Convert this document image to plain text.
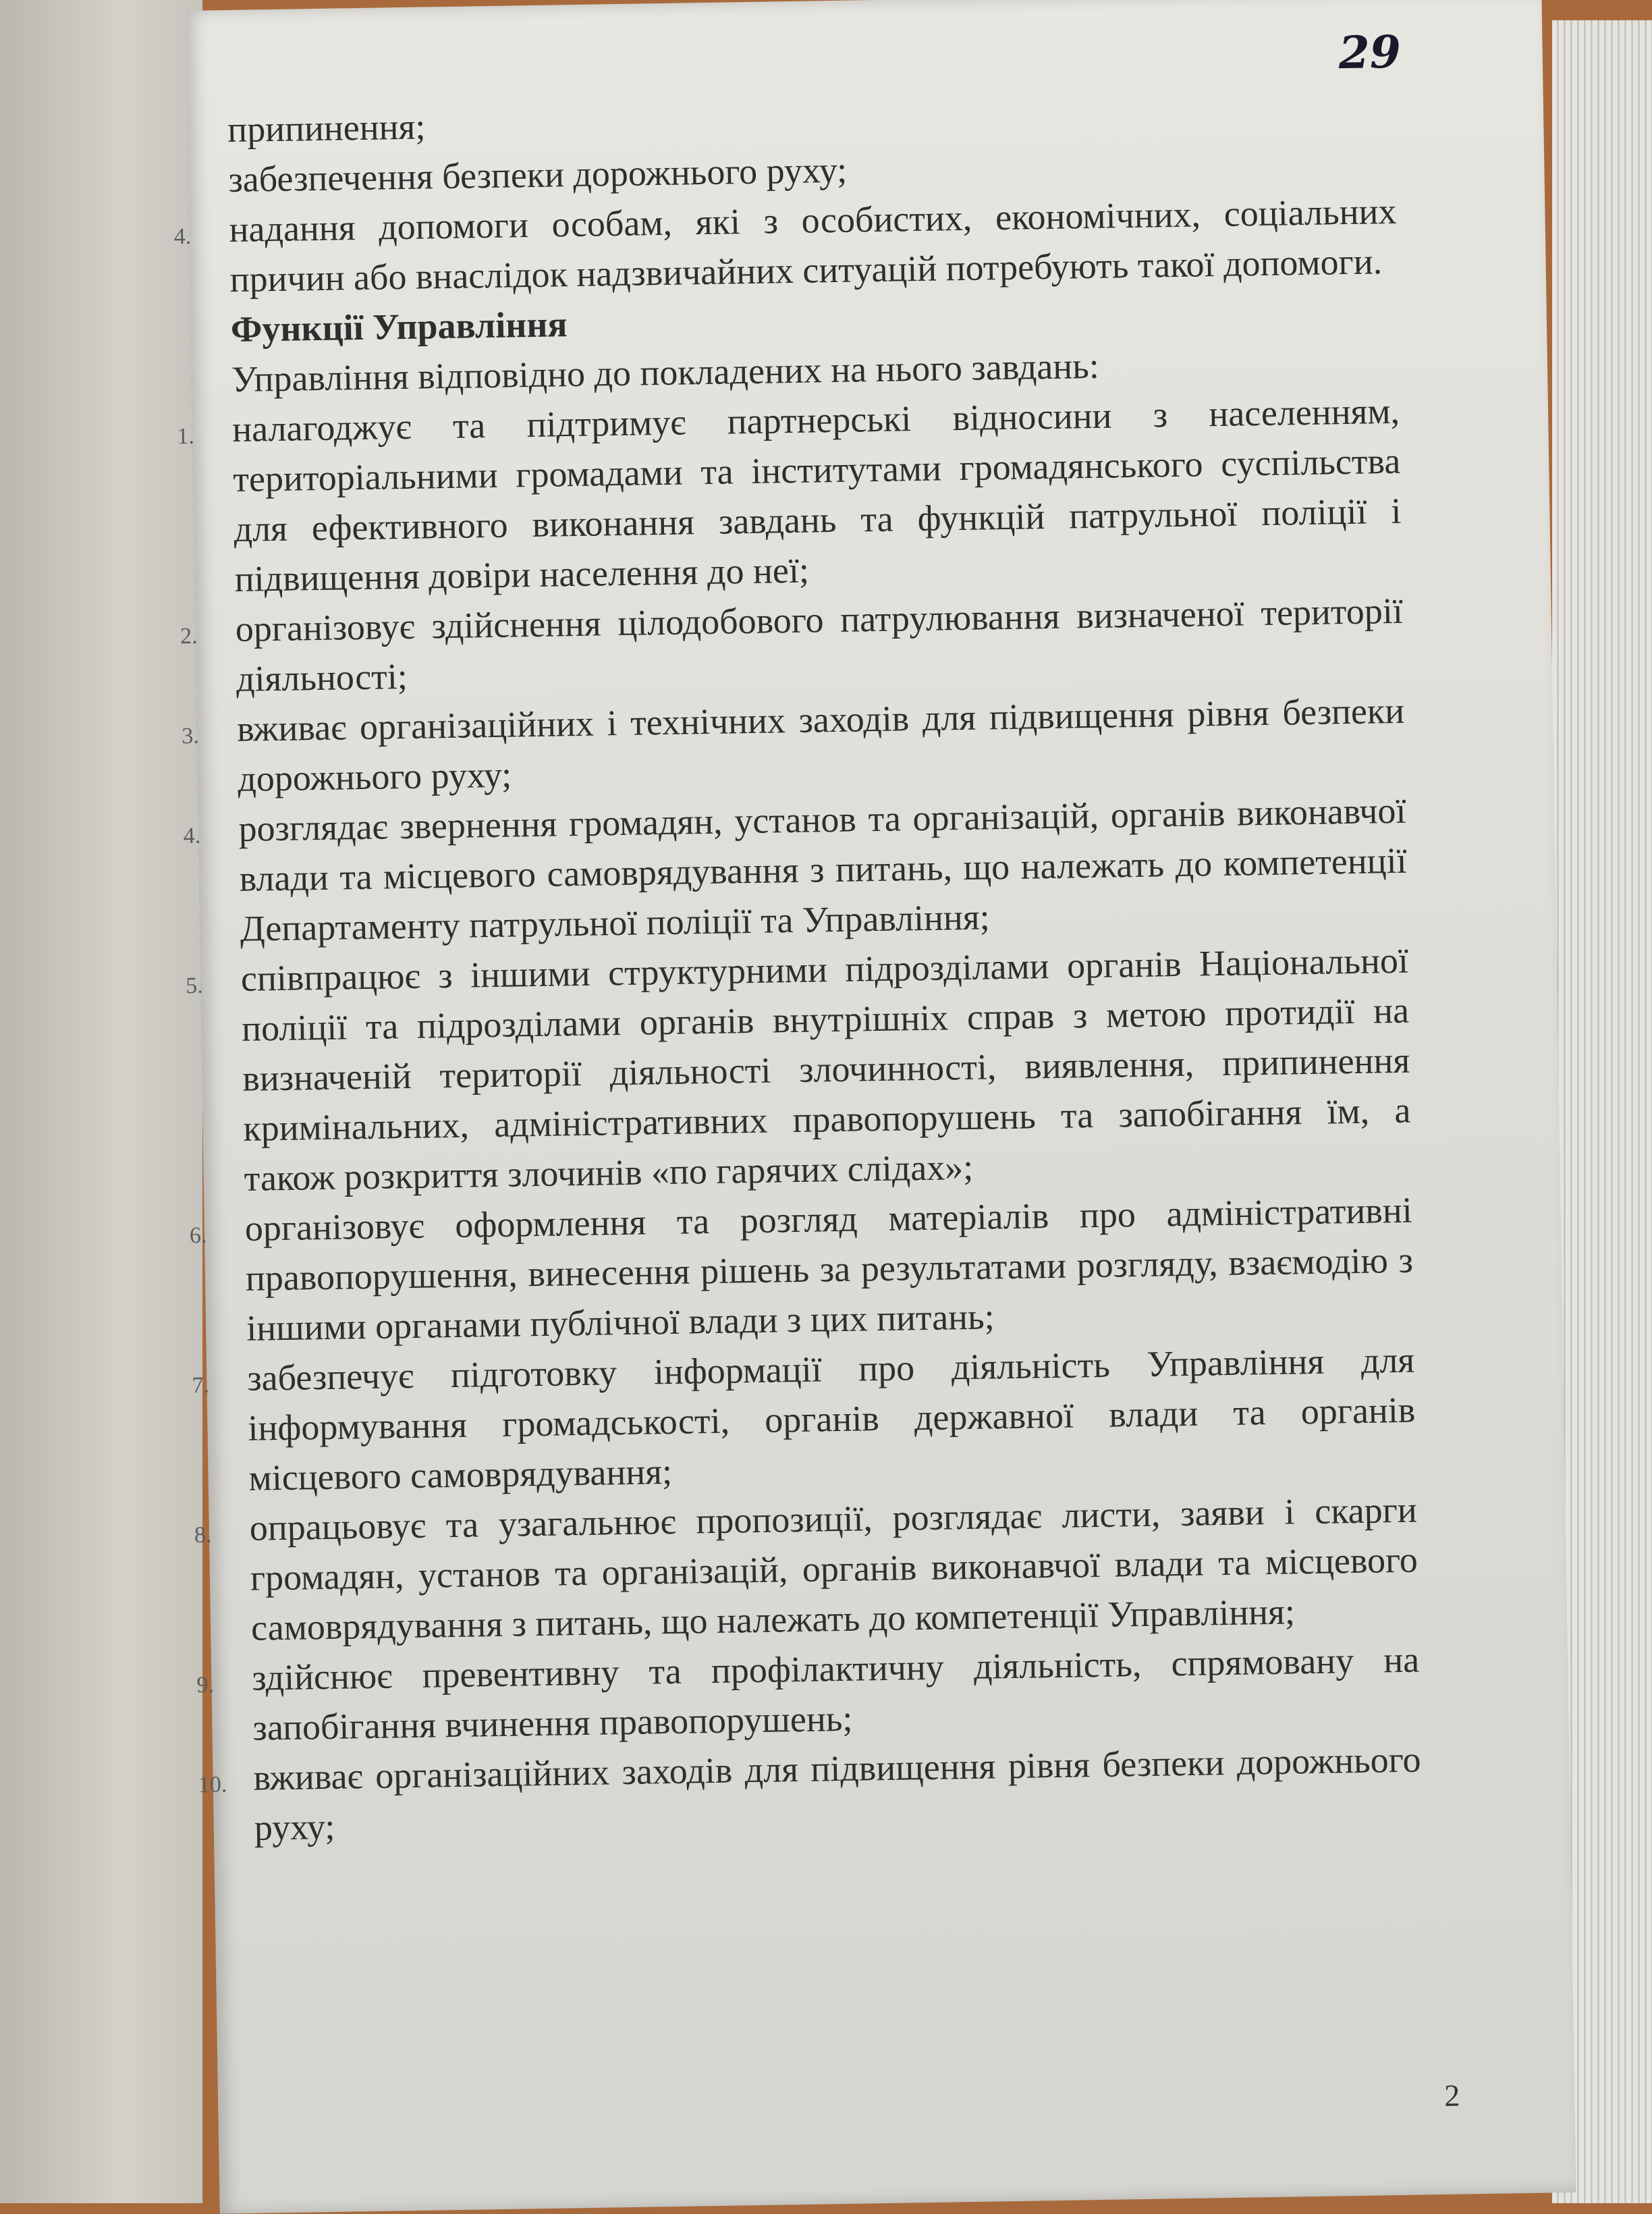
29

припинення;

забезпечення безпеки дорожнього руху;

4.	надання допомоги особам, які з особистих, економічних, соціальних причин або внаслідок надзвичайних ситуацій потребують такої допомоги.

Функції Управління

Управління відповідно до покладених на нього завдань:

1.	налагоджує та підтримує партнерські відносини з населенням, територіальними громадами та інститутами громадянського суспільства для ефективного виконання завдань та функцій патрульної поліції і підвищення довіри населення до неї;

2.	організовує здійснення цілодобового патрулювання визначеної території діяльності;

3.	вживає організаційних і технічних заходів для підвищення рівня безпеки дорожнього руху;

4.	розглядає звернення громадян, установ та організацій, органів виконавчої влади та місцевого самоврядування з питань, що належать до компетенції Департаменту патрульної поліції та Управління;

5.	співпрацює з іншими структурними підрозділами органів Національної поліції та підрозділами органів внутрішніх справ з метою протидії на визначеній території діяльності злочинності, виявлення, припинення кримінальних, адміністративних правопорушень та запобігання їм, а також розкриття злочинів «по гарячих слідах»;

6.	організовує оформлення та розгляд матеріалів про адміністративні правопорушення, винесення рішень за результатами розгляду, взаємодію з іншими органами публічної влади з цих питань;

7.	забезпечує підготовку інформації про діяльність Управління для інформування громадськості, органів державної влади та органів місцевого самоврядування;

8.	опрацьовує та узагальнює пропозиції, розглядає листи, заяви і скарги громадян, установ та організацій, органів виконавчої влади та місцевого самоврядування з питань, що належать до компетенції Управління;

9.	здійснює превентивну та профілактичну діяльність, спрямовану на запобігання вчинення правопорушень;

10. вживає організаційних заходів для підвищення рівня безпеки дорожнього руху;

2
